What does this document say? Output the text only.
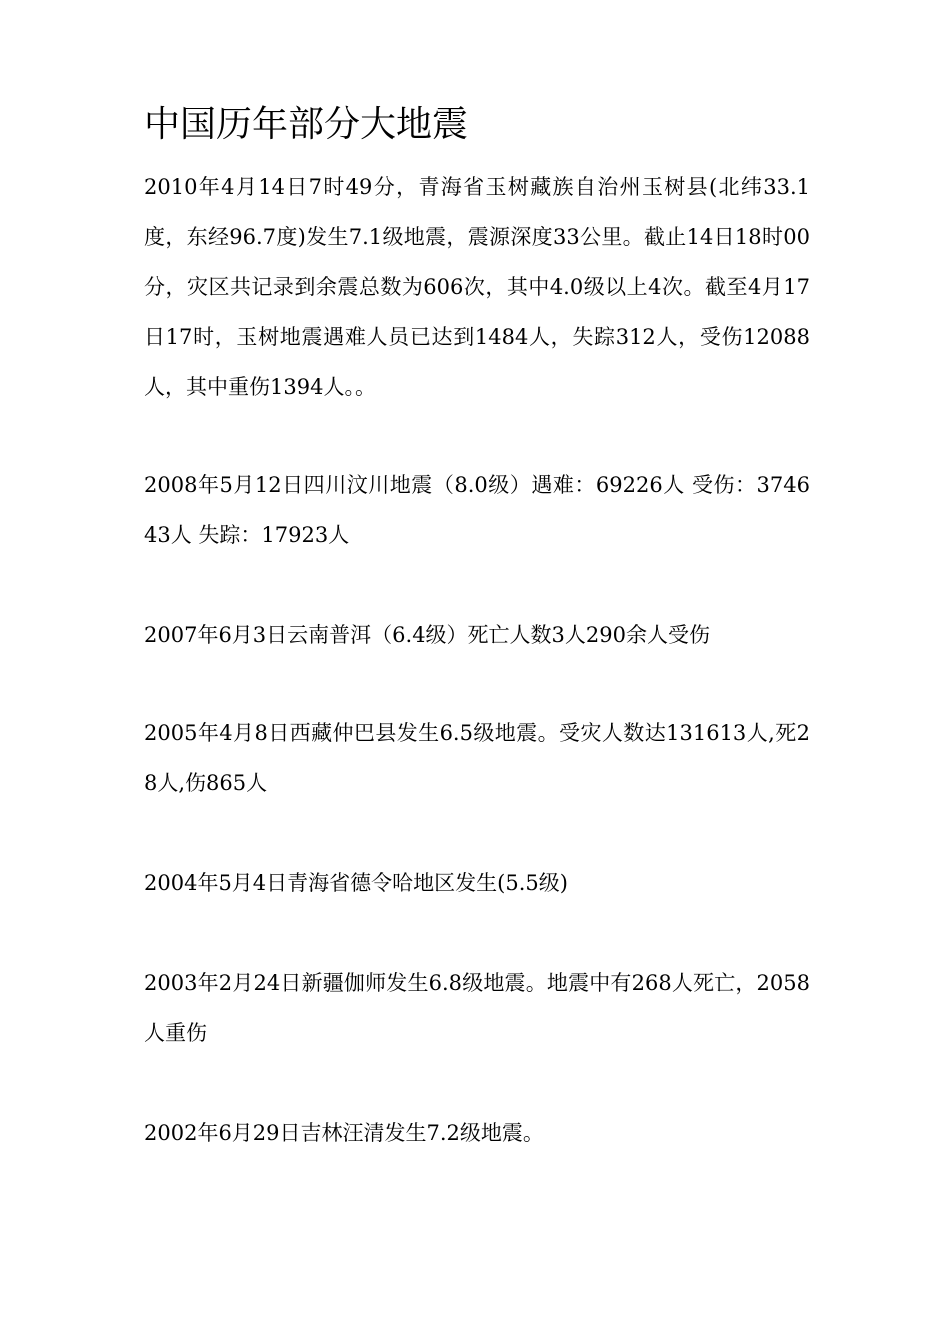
中国历年部分大地震

2010年4月14日7时49分，青海省玉树藏族自治州玉树县(北纬33.1度，东经96.7度)发生7.1级地震，震源深度33公里。截止14日18时00分，灾区共记录到余震总数为606次，其中4.0级以上4次。截至4月17日17时，玉树地震遇难人员已达到1484人，失踪312人，受伤12088人，其中重伤1394人。。

2008年5月12日四川汶川地震（8.0级）遇难：69226人 受伤：374643人 失踪：17923人

2007年6月3日云南普洱（6.4级）死亡人数3人290余人受伤

2005年4月8日西藏仲巴县发生6.5级地震。受灾人数达131613人,死28人,伤865人

2004年5月4日青海省德令哈地区发生(5.5级)

2003年2月24日新疆伽师发生6.8级地震。地震中有268人死亡，2058人重伤

2002年6月29日吉林汪清发生7.2级地震。
